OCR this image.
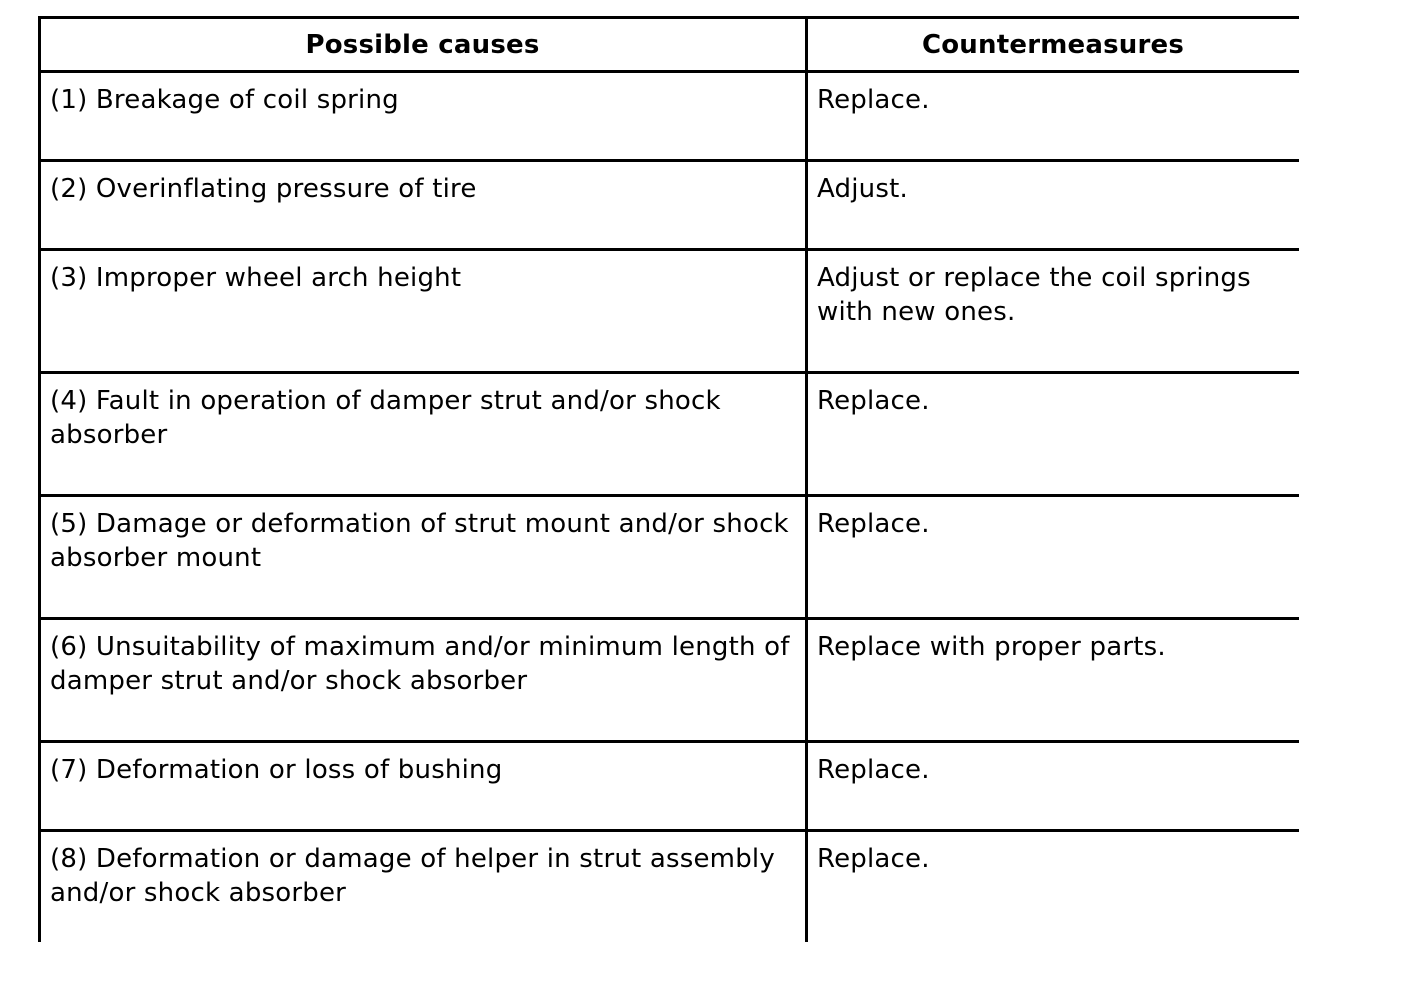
Possible causes	Countermeasures
(1) Breakage of coil spring	Replace.
(2) Overinflating pressure of tire	Adjust.
(3) Improper wheel arch height	Adjust or replace the coil springs with new ones.
(4) Fault in operation of damper strut and/or shock absorber	Replace.
(5) Damage or deformation of strut mount and/or shock absorber mount	Replace.
(6) Unsuitability of maximum and/or minimum length of damper strut and/or shock absorber	Replace with proper parts.
(7) Deformation or loss of bushing	Replace.
(8) Deformation or damage of helper in strut assembly and/or shock absorber	Replace.
